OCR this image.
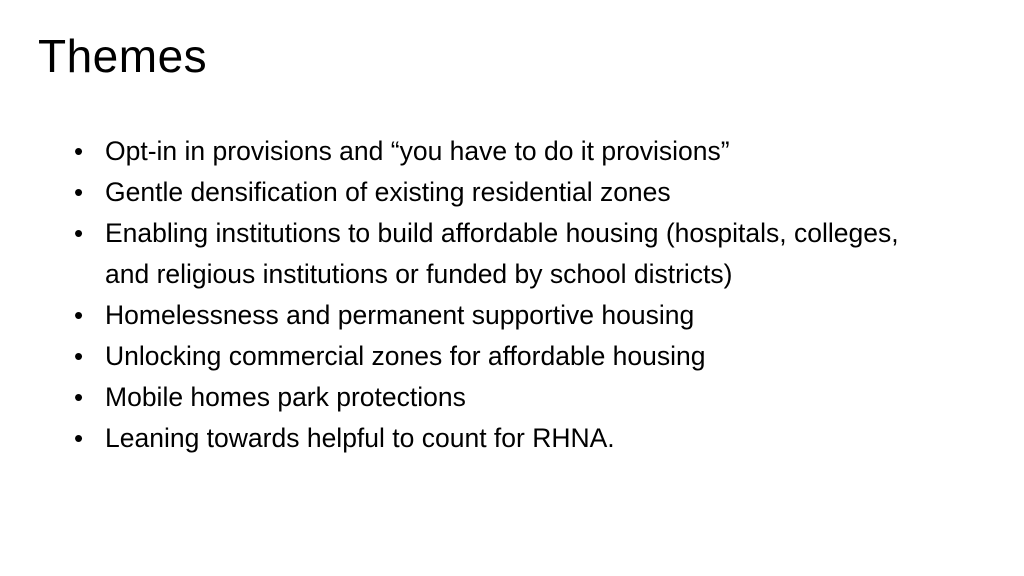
Themes
• Opt-in in provisions and “you have to do it provisions”
• Gentle densification of existing residential zones
• Enabling institutions to build affordable housing (hospitals, colleges, and religious institutions or funded by school districts)
• Homelessness and permanent supportive housing
• Unlocking commercial zones for affordable housing
• Mobile homes park protections
• Leaning towards helpful to count for RHNA.
